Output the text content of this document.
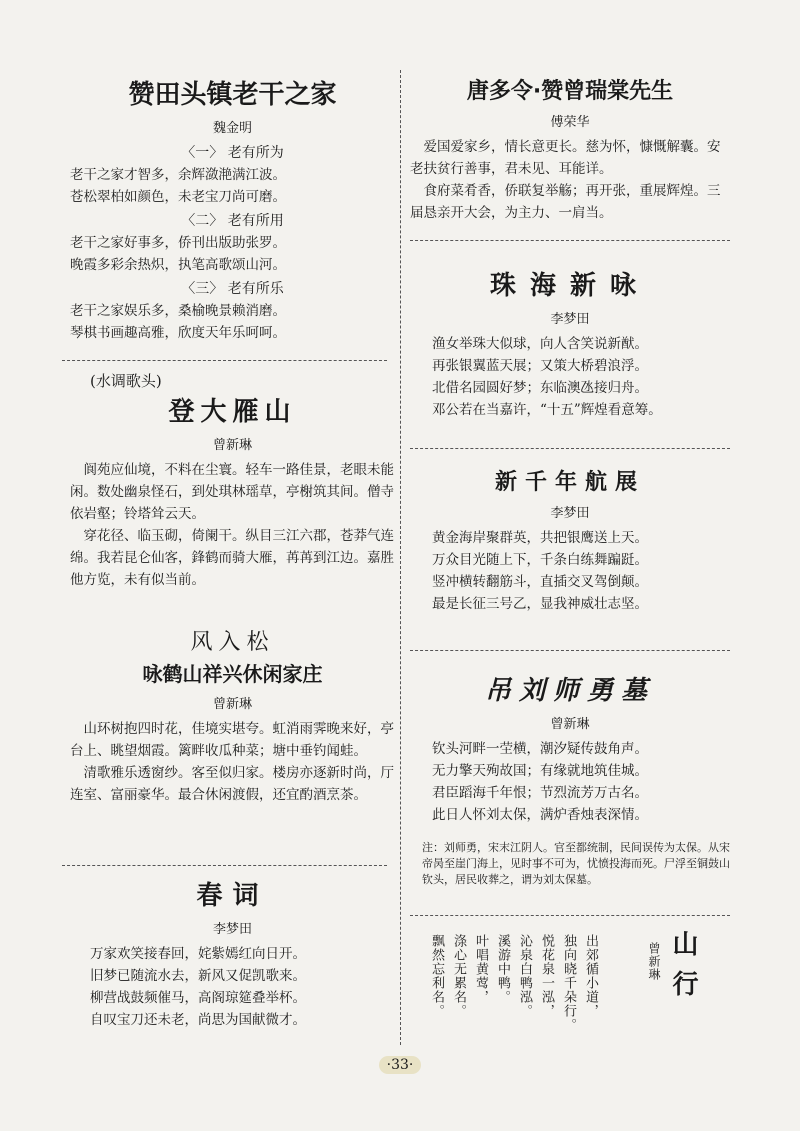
赞田头镇老干之家
魏金明
〈一〉 老有所为
老干之家才智多，余辉潋滟满江波。
苍松翠柏如颜色，未老宝刀尚可磨。
〈二〉 老有所用
老干之家好事多，侨刊出版助张罗。
晚霞多彩余热炽，执笔高歌颂山河。
〈三〉 老有所乐
老干之家娱乐多，桑榆晚景赖消磨。
琴棋书画趣高雅，欣度天年乐呵呵。
(水调歌头)
登大雁山
曾新琳
阆苑应仙境，不料在尘寰。轻车一路佳景，老眼未能闲。数处幽泉怪石，到处琪林瑶草，亭榭筑其间。僧寺依岩壑；铃塔耸云天。
穿花径、临玉砌，倚阑干。纵目三江六郡，苍莽气连绵。我若昆仑仙客，鋒鹤而骑大雁，苒苒到江边。嘉胜他方览，未有似当前。
风入松
咏鹤山祥兴休闲家庄
曾新琳
山环树抱四时花，佳境实堪夸。虹消雨霁晚来好，亭台上、眺望烟霞。篱畔收瓜种菜；塘中垂钓闻蛙。
清歌雅乐透窗纱。客至似归家。楼房亦逐新时尚，厅连室、富丽豪华。最合休闲渡假，还宜酌酒烹茶。
春词
李梦田
万家欢笑接春回，姹紫嫣红向日开。
旧梦已随流水去，新风又促凯歌来。
柳营战鼓频催马，高阁琼筵叠举杯。
自叹宝刀还未老，尚思为国献微才。
唐多令·赞曾瑞棠先生
傅荣华
爱国爱家乡，情长意更长。慈为怀，慷慨解囊。安老扶贫行善事，君未见、耳能详。
食府菜肴香，侨联复举觞；再开张，重展辉煌。三届恳亲开大会，为主力、一肩当。
珠海新咏
李梦田
渔女举珠大似球，向人含笑说新猷。
再张银翼蓝天展；又策大桥碧浪浮。
北借名园圆好梦；东临澳氹接归舟。
邓公若在当嘉许，“十五”辉煌看意筹。
新千年航展
李梦田
黄金海岸聚群英，共把银鹰送上天。
万众目光随上下，千条白练舞蹁跹。
竖冲横转翻筋斗，直插交叉驾倒颠。
最是长征三号乙，显我神威壮志坚。
吊刘师勇墓
曾新琳
钦头河畔一茔横，潮汐疑传鼓角声。
无力擎天殉故国；有缘就地筑佳城。
君臣蹈海千年恨；节烈流芳万古名。
此日人怀刘太保，满炉香烛表深情。
注：刘师勇，宋末江阴人。官至都统制，民间误传为太保。从宋帝昺至崖门海上，见时事不可为，忧愤投海而死。尸浮至铜鼓山钦头，居民收葬之，谓为刘太保墓。
飘然忘利名。 涤心无累名。 叶唱黄莺， 溪游中鸭。 沁泉白鸭泓。 悦花泉一泓， 独向晓千朵行。 出郊循小道，	曾新琳 山行
·33·
